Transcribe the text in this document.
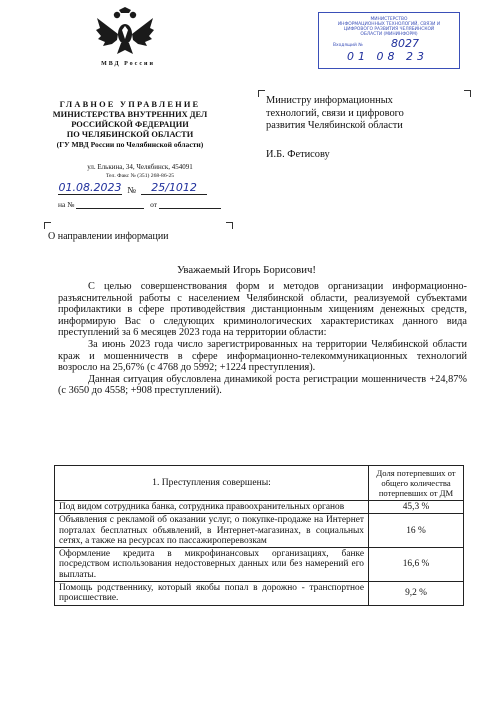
МВД России
ГЛАВНОЕ УПРАВЛЕНИЕ
МИНИСТЕРСТВА ВНУТРЕННИХ ДЕЛ
РОССИЙСКОЙ ФЕДЕРАЦИИ
ПО ЧЕЛЯБИНСКОЙ ОБЛАСТИ
(ГУ МВД России по Челябинской области)
ул. Елькина, 34, Челябинск, 454091
Тел. Факс № (351) 268-86-25
01.08.2023 № 25/1012
на №	от
МИНИСТЕРСТВО
ИНФОРМАЦИОННЫХ ТЕХНОЛОГИЙ, СВЯЗИ И
ЦИФРОВОГО РАЗВИТИЯ ЧЕЛЯБИНСКОЙ
ОБЛАСТИ (МИНИНФОРМ)
Входящий №	8027
01 08 23
Министру информационных
технологий, связи и цифрового
развития Челябинской области
И.Б. Фетисову
О направлении информации
Уважаемый Игорь Борисович!

С целью совершенствования форм и методов организации информационно-разъяснительной работы с населением Челябинской области, реализуемой субъектами профилактики в сфере противодействия дистанционным хищениям денежных средств, информирую Вас о следующих криминологических характеристиках данного вида преступлений за 6 месяцев 2023 года на территории области:

За июнь 2023 года число зарегистрированных на территории Челябинской области краж и мошенничеств в сфере информационно-телекоммуникационных технологий возросло на 25,67% (с 4768 до 5992; +1224 преступления).

Данная ситуация обусловлена динамикой роста регистрации мошенничеств +24,87% (с 3650 до 4558; +908 преступлений).

1. Преступления совершены:	Доля потерпевших от общего количества потерпевших от ДМ
Под видом сотрудника банка, сотрудника правоохранительных органов	45,3 %
Объявления с рекламой об оказании услуг, о покупке-продаже на Интернет порталах бесплатных объявлений, в Интернет-магазинах, в социальных сетях, а также на ресурсах по пассажироперевозкам	16 %
Оформление кредита в микрофинансовых организациях, банке посредством использования недостоверных данных или без намерений его выплаты.	16,6 %
Помощь родственнику, который якобы попал в дорожно - транспортное происшествие.	9,2 %
